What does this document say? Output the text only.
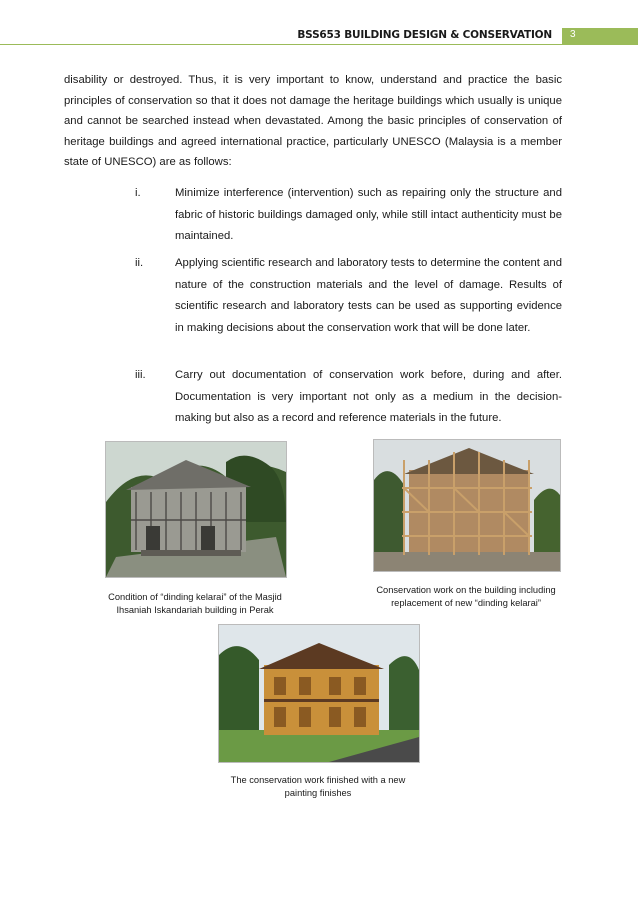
BSS653 BUILDING DESIGN & CONSERVATION 3

disability or destroyed. Thus, it is very important to know, understand and practice the basic principles of conservation so that it does not damage the heritage buildings which usually is unique and cannot be searched instead when devastated. Among the basic principles of conservation of heritage buildings and agreed international practice, particularly UNESCO (Malaysia is a member state of UNESCO) are as follows:

i.	Minimize interference (intervention) such as repairing only the structure and fabric of historic buildings damaged only, while still intact authenticity must be maintained.

ii.	Applying scientific research and laboratory tests to determine the content and nature of the construction materials and the level of damage. Results of scientific research and laboratory tests can be used as supporting evidence in making decisions about the conservation work that will be done later.

iii.	Carry out documentation of conservation work before, during and after. Documentation is very important not only as a medium in the decision-making but also as a record and reference materials in the future.

Condition of “dinding kelarai” of the Masjid Ihsaniah Iskandariah building in Perak
Conservation work on the building including replacement of new “dinding kelarai”
The conservation work finished with a new painting finishes
